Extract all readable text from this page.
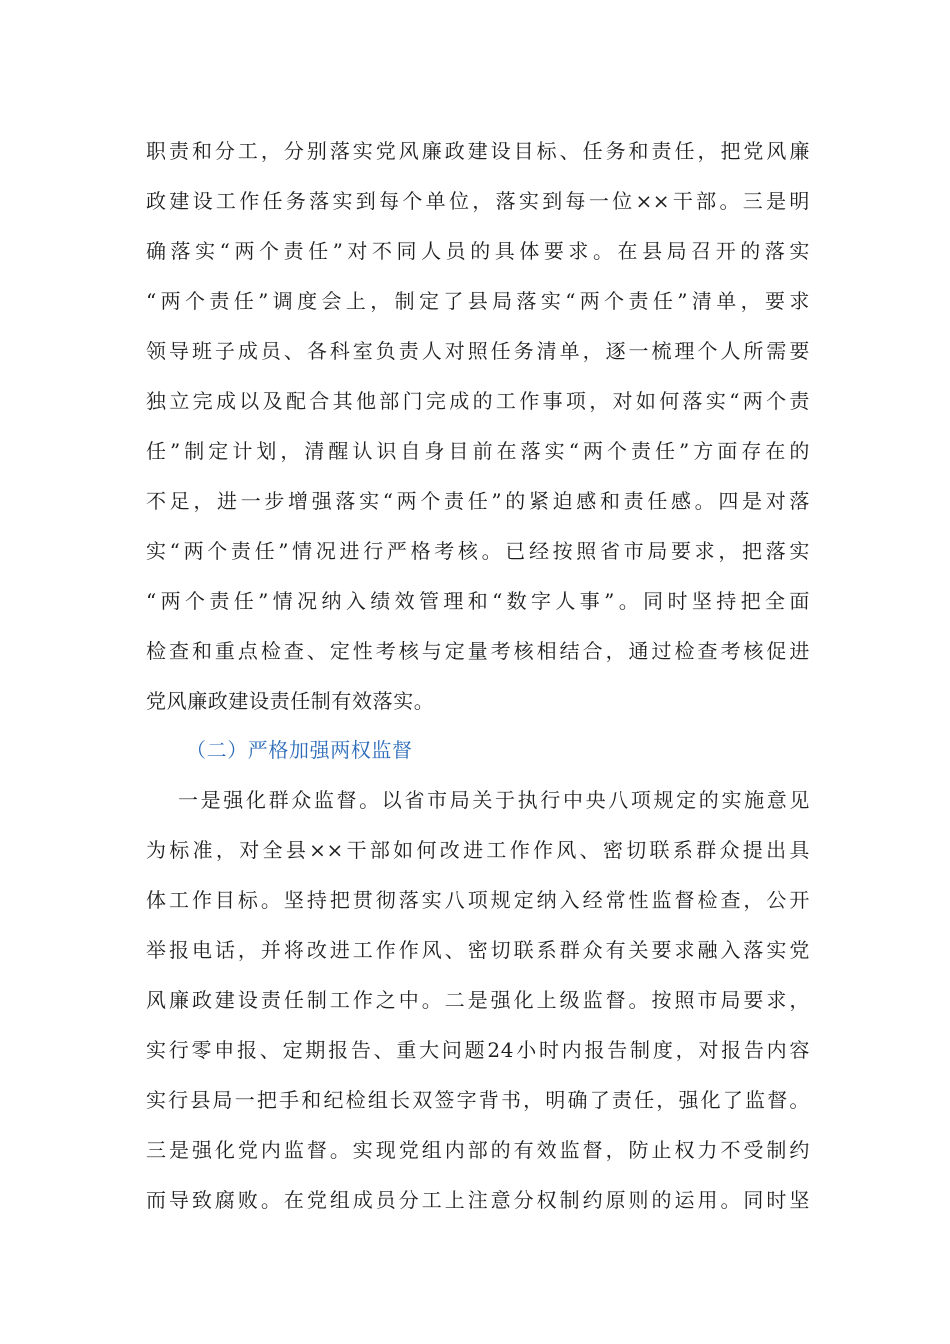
职责和分工，分别落实党风廉政建设目标、任务和责任，把党风廉
政建设工作任务落实到每个单位，落实到每一位××干部。三是明
确落实“两个责任”对不同人员的具体要求。在县局召开的落实
“两个责任”调度会上，制定了县局落实“两个责任”清单，要求
领导班子成员、各科室负责人对照任务清单，逐一梳理个人所需要
独立完成以及配合其他部门完成的工作事项，对如何落实“两个责
任”制定计划，清醒认识自身目前在落实“两个责任”方面存在的
不足，进一步增强落实“两个责任”的紧迫感和责任感。四是对落
实“两个责任”情况进行严格考核。已经按照省市局要求，把落实
“两个责任”情况纳入绩效管理和“数字人事”。同时坚持把全面
检查和重点检查、定性考核与定量考核相结合，通过检查考核促进
党风廉政建设责任制有效落实。
（二）严格加强两权监督
一是强化群众监督。以省市局关于执行中央八项规定的实施意见
为标准，对全县××干部如何改进工作作风、密切联系群众提出具
体工作目标。坚持把贯彻落实八项规定纳入经常性监督检查，公开
举报电话，并将改进工作作风、密切联系群众有关要求融入落实党
风廉政建设责任制工作之中。二是强化上级监督。按照市局要求，
实行零申报、定期报告、重大问题24小时内报告制度，对报告内容
实行县局一把手和纪检组长双签字背书，明确了责任，强化了监督。
三是强化党内监督。实现党组内部的有效监督，防止权力不受制约
而导致腐败。在党组成员分工上注意分权制约原则的运用。同时坚
